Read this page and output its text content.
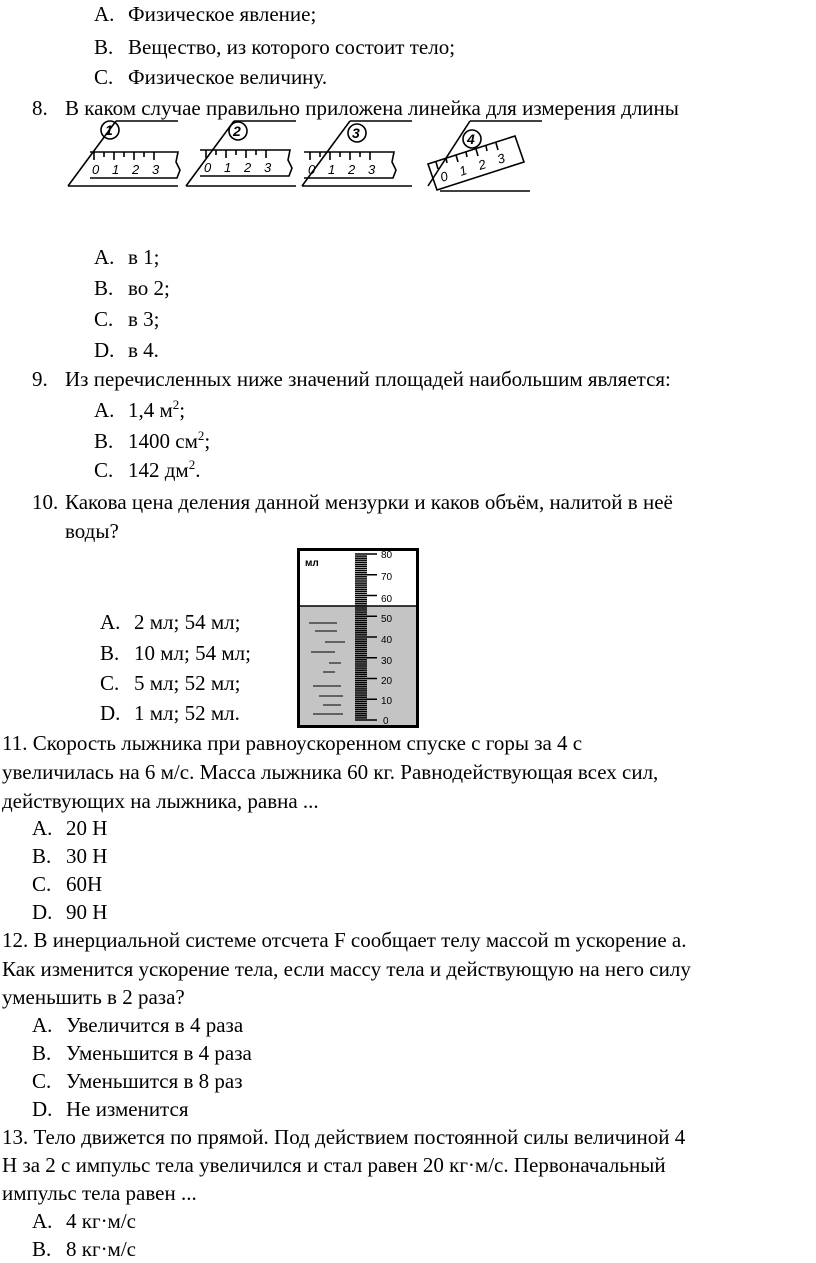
A. Физическое явление;
B. Вещество, из которого состоит тело;
C. Физическое величину.
8. В каком случае правильно приложена линейка для измерения длины
1	2	3	4
0 1 2 3	0 1 2 3	0 1 2 3	0 1 2 3
A. в 1;
B. во 2;
C. в 3;
D. в 4.
9. Из перечисленных ниже значений площадей наибольшим является:
A. 1,4 $м^2$;
B. 1400 $см^2$;
C. 142 $дм^2$.
10. Какова цена деления данной мензурки и каков объём, налитой в неё
воды?
мл
0
10
20
30
40
50
60
70
80
A. 2 мл; 54 мл;
B. 10 мл; 54 мл;
C. 5 мл; 52 мл;
D. 1 мл; 52 мл.
11. Скорость лыжника при равноускоренном спуске с горы за 4 с
увеличилась на 6 м/с. Масса лыжника 60 кг. Равнодействующая всех сил,
действующих на лыжника, равна ...
A. 20 Н
B. 30 Н
C. 60Н
D. 90 Н
12. В инерциальной системе отсчета F сообщает телу массой m ускорение a.
Как изменится ускорение тела, если массу тела и действующую на него силу
уменьшить в 2 раза?
A. Увеличится в 4 раза
B. Уменьшится в 4 раза
C. Уменьшится в 8 раз
D. Не изменится
13. Тело движется по прямой. Под действием постоянной силы величиной 4
Н за 2 с импульс тела увеличился и стал равен 20 кг·м/с. Первоначальный
импульс тела равен ...
A. 4 кг·м/с
B. 8 кг·м/с
